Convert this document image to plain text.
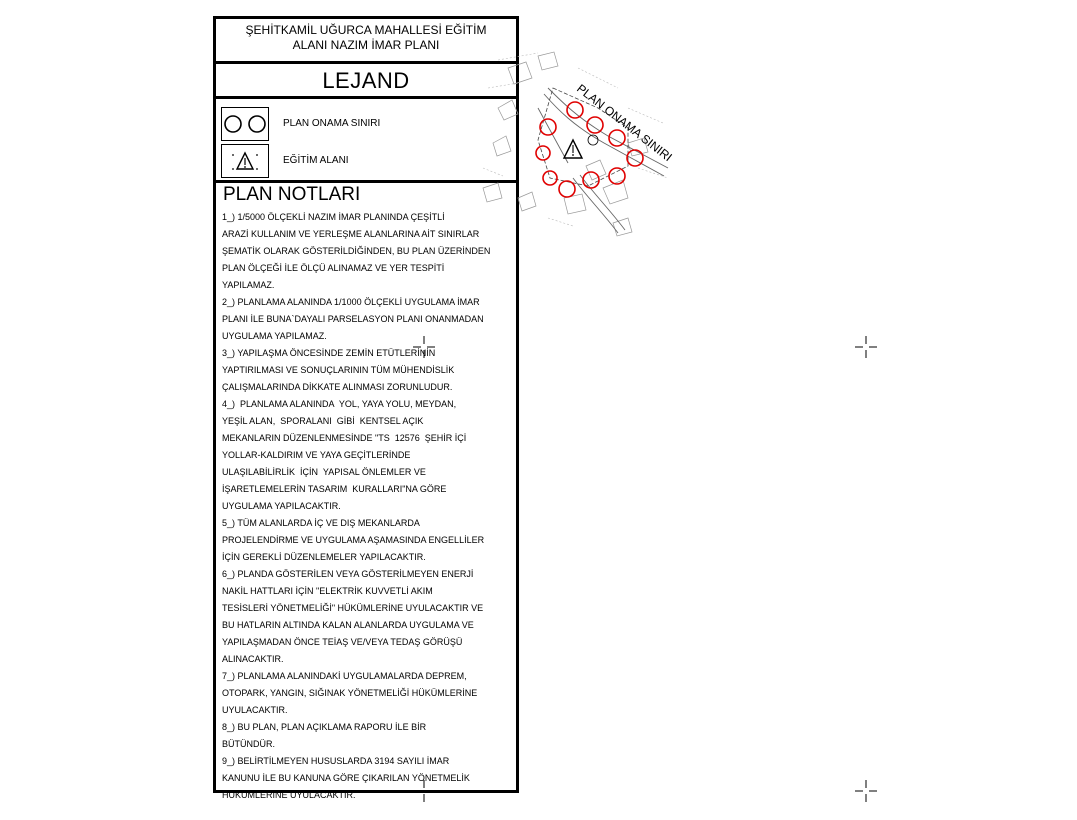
ŞEHİTKAMİL UĞURCA MAHALLESİ EĞİTİM
ALANI NAZIM İMAR PLANI
LEJAND
PLAN ONAMA SINIRI
EĞİTİM ALANI
PLAN NOTLARI
1_) 1/5000 ÖLÇEKLİ NAZIM İMAR PLANINDA ÇEŞİTLİ
ARAZİ KULLANIM VE YERLEŞME ALANLARINA AİT SINIRLAR
ŞEMATİK OLARAK GÖSTERİLDİĞİNDEN, BU PLAN ÜZERİNDEN
PLAN ÖLÇEĞİ İLE ÖLÇÜ ALINAMAZ VE YER TESPİTİ
YAPILAMAZ.
2_) PLANLAMA ALANINDA 1/1000 ÖLÇEKLİ UYGULAMA İMAR
PLANI İLE BUNA`DAYALI PARSELASYON PLANI ONANMADAN
UYGULAMA YAPILAMAZ.
3_) YAPILAŞMA ÖNCESİNDE ZEMİN ETÜTLERİNİN
YAPTIRILMASI VE SONUÇLARININ TÜM MÜHENDİSLİK
ÇALIŞMALARINDA DİKKATE ALINMASI ZORUNLUDUR.
4_)  PLANLAMA ALANINDA  YOL, YAYA YOLU, MEYDAN,
YEŞİL ALAN,  SPORALANI  GİBİ  KENTSEL AÇIK
MEKANLARIN DÜZENLENMESİNDE "TS  12576  ŞEHİR İÇİ
YOLLAR-KALDIRIM VE YAYA GEÇİTLERİNDE
ULAŞILABİLİRLİK  İÇİN  YAPISAL ÖNLEMLER VE
İŞARETLEMELERİN TASARIM  KURALLARI"NA GÖRE
UYGULAMA YAPILACAKTIR.
5_) TÜM ALANLARDA İÇ VE DIŞ MEKANLARDA
PROJELENDİRME VE UYGULAMA AŞAMASINDA ENGELLİLER
İÇİN GEREKLİ DÜZENLEMELER YAPILACAKTIR.
6_) PLANDA GÖSTERİLEN VEYA GÖSTERİLMEYEN ENERJİ
NAKİL HATTLARI İÇİN "ELEKTRİK KUVVETLİ AKIM
TESİSLERİ YÖNETMELİĞİ" HÜKÜMLERİNE UYULACAKTIR VE
BU HATLARIN ALTINDA KALAN ALANLARDA UYGULAMA VE
YAPILAŞMADAN ÖNCE TEİAŞ VE/VEYA TEDAŞ GÖRÜŞÜ
ALINACAKTIR.
7_) PLANLAMA ALANINDAKİ UYGULAMALARDA DEPREM,
OTOPARK, YANGIN, SIĞINAK YÖNETMELİĞİ HÜKÜMLERİNE
UYULACAKTIR.
8_) BU PLAN, PLAN AÇIKLAMA RAPORU İLE BİR
BÜTÜNDÜR.
9_) BELİRTİLMEYEN HUSUSLARDA 3194 SAYILI İMAR
KANUNU İLE BU KANUNA GÖRE ÇIKARILAN YÖNETMELİK
HÜKÜMLERİNE UYULACAKTIR.
PLAN ONAMA SINIRI
